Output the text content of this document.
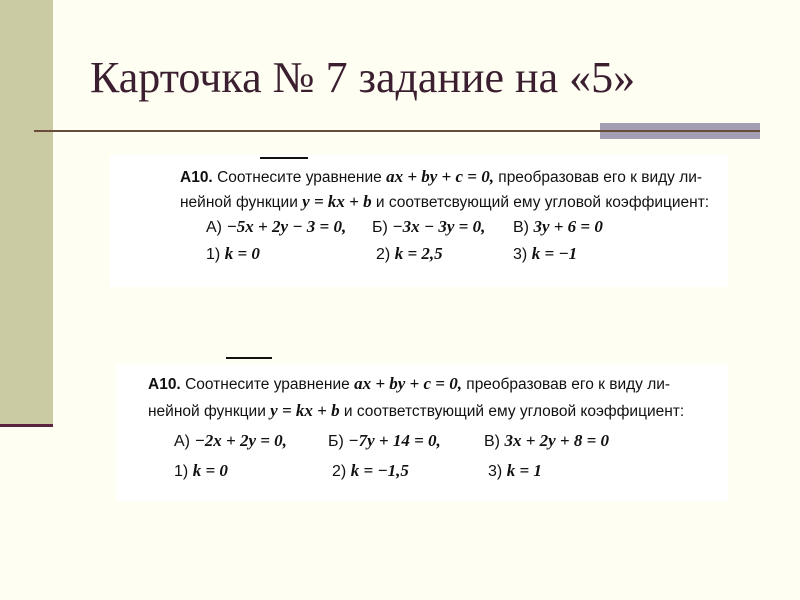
Карточка № 7 задание на «5»
А10. Соотнесите уравнение ax + by + c = 0, преобразовав его к виду ли-
нейной функции y = kx + b и соответсвующий ему угловой коэффициент:
А) −5x + 2y − 3 = 0, Б) −3x − 3y = 0, В) 3y + 6 = 0
1) k = 0	2) k = 2,5	3) k = −1
А10. Соотнесите уравнение ax + by + c = 0, преобразовав его к виду ли-
нейной функции y = kx + b и соответствующий ему угловой коэффициент:
А) −2x + 2y = 0,	Б) −7y + 14 = 0,	В) 3x + 2y + 8 = 0
1) k = 0	2) k = −1,5	3) k = 1
